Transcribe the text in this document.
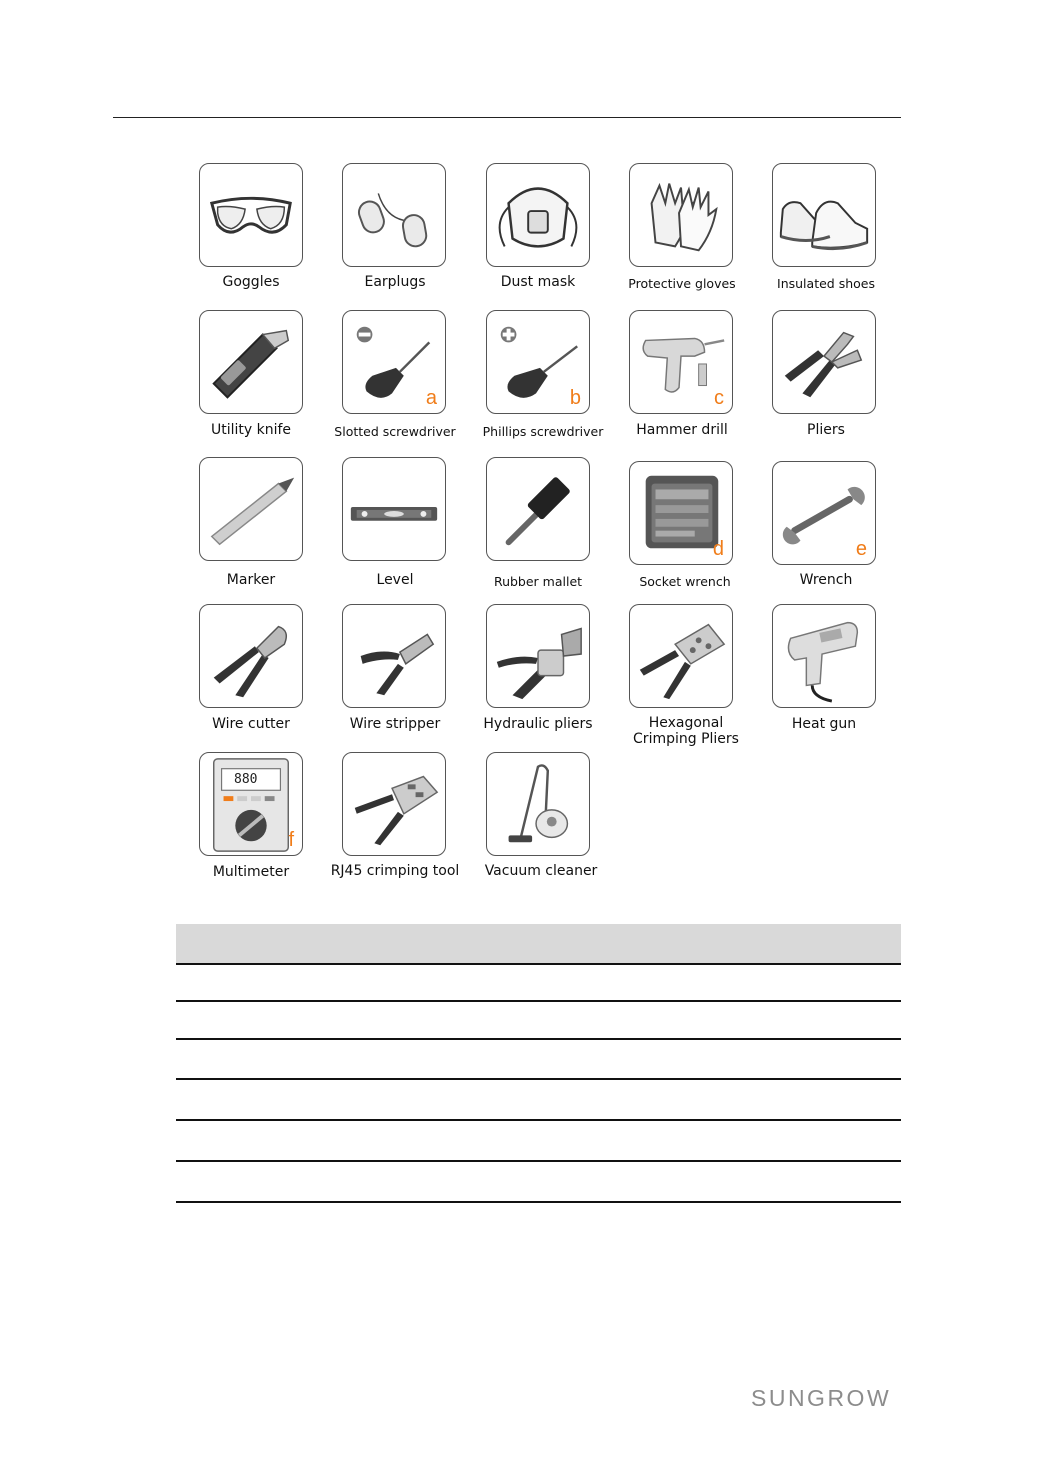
Goggles	Earplugs	Dust mask	Protective gloves	Insulated shoes
Utility knife
a
Slotted screwdriver
b
Phillips screwdriver
c
Hammer drill	Pliers
Marker	Level	Rubber mallet
d
Socket wrench
e
Wrench
Wire cutter	Wire stripper	Hydraulic pliers	Hexagonal
Crimping Pliers
Heat gun
880
f
Multimeter	RJ45 crimping tool	Vacuum cleaner
SUNGROW
